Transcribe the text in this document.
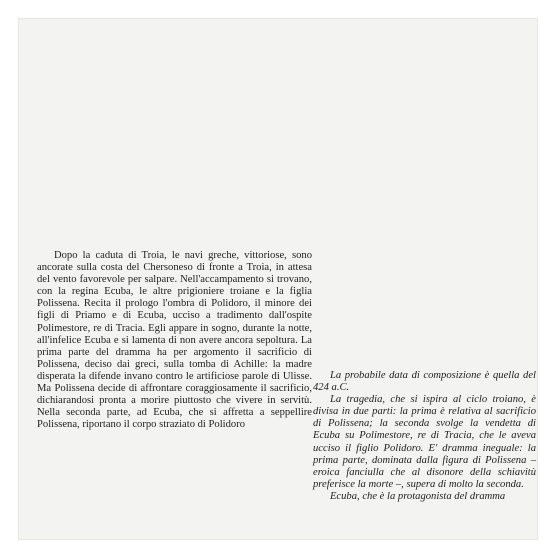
Dopo la caduta di Troia, le navi greche, vittoriose, sono ancorate sulla costa del Chersoneso di fronte a Troia, in attesa del vento favorevole per salpare. Nell'accampamento si trovano, con la regina Ecuba, le altre prigioniere troiane e la figlia Polissena. Recita il prologo l'ombra di Polidoro, il minore dei figli di Priamo e di Ecuba, ucciso a tradimento dall'ospite Polimestore, re di Tracia. Egli appare in sogno, durante la notte, all'infelice Ecuba e si lamenta di non avere ancora sepoltura. La prima parte del dramma ha per argomento il sacrificio di Polissena, deciso dai greci, sulla tomba di Achille: la madre disperata la difende invano contro le artificiose parole di Ulisse. Ma Polissena decide di affrontare coraggiosamente il sacrificio, dichiarandosi pronta a morire piuttosto che vivere in servitù. Nella seconda parte, ad Ecuba, che si affretta a seppellire Polissena, riportano il corpo straziato di Polidoro

La probabile data di composizione è quella del 424 a.C.

La tragedia, che si ispira al ciclo troiano, è divisa in due parti: la prima è relativa al sacrificio di Polissena; la seconda svolge la vendetta di Ecuba su Polimestore, re di Tracia, che le aveva ucciso il figlio Polidoro. E' dramma ineguale: la prima parte, dominata dalla figura di Polissena – eroica fanciulla che al disonore della schiavitù preferisce la morte –, supera di molto la seconda.

Ecuba, che è la protagonista del dramma
